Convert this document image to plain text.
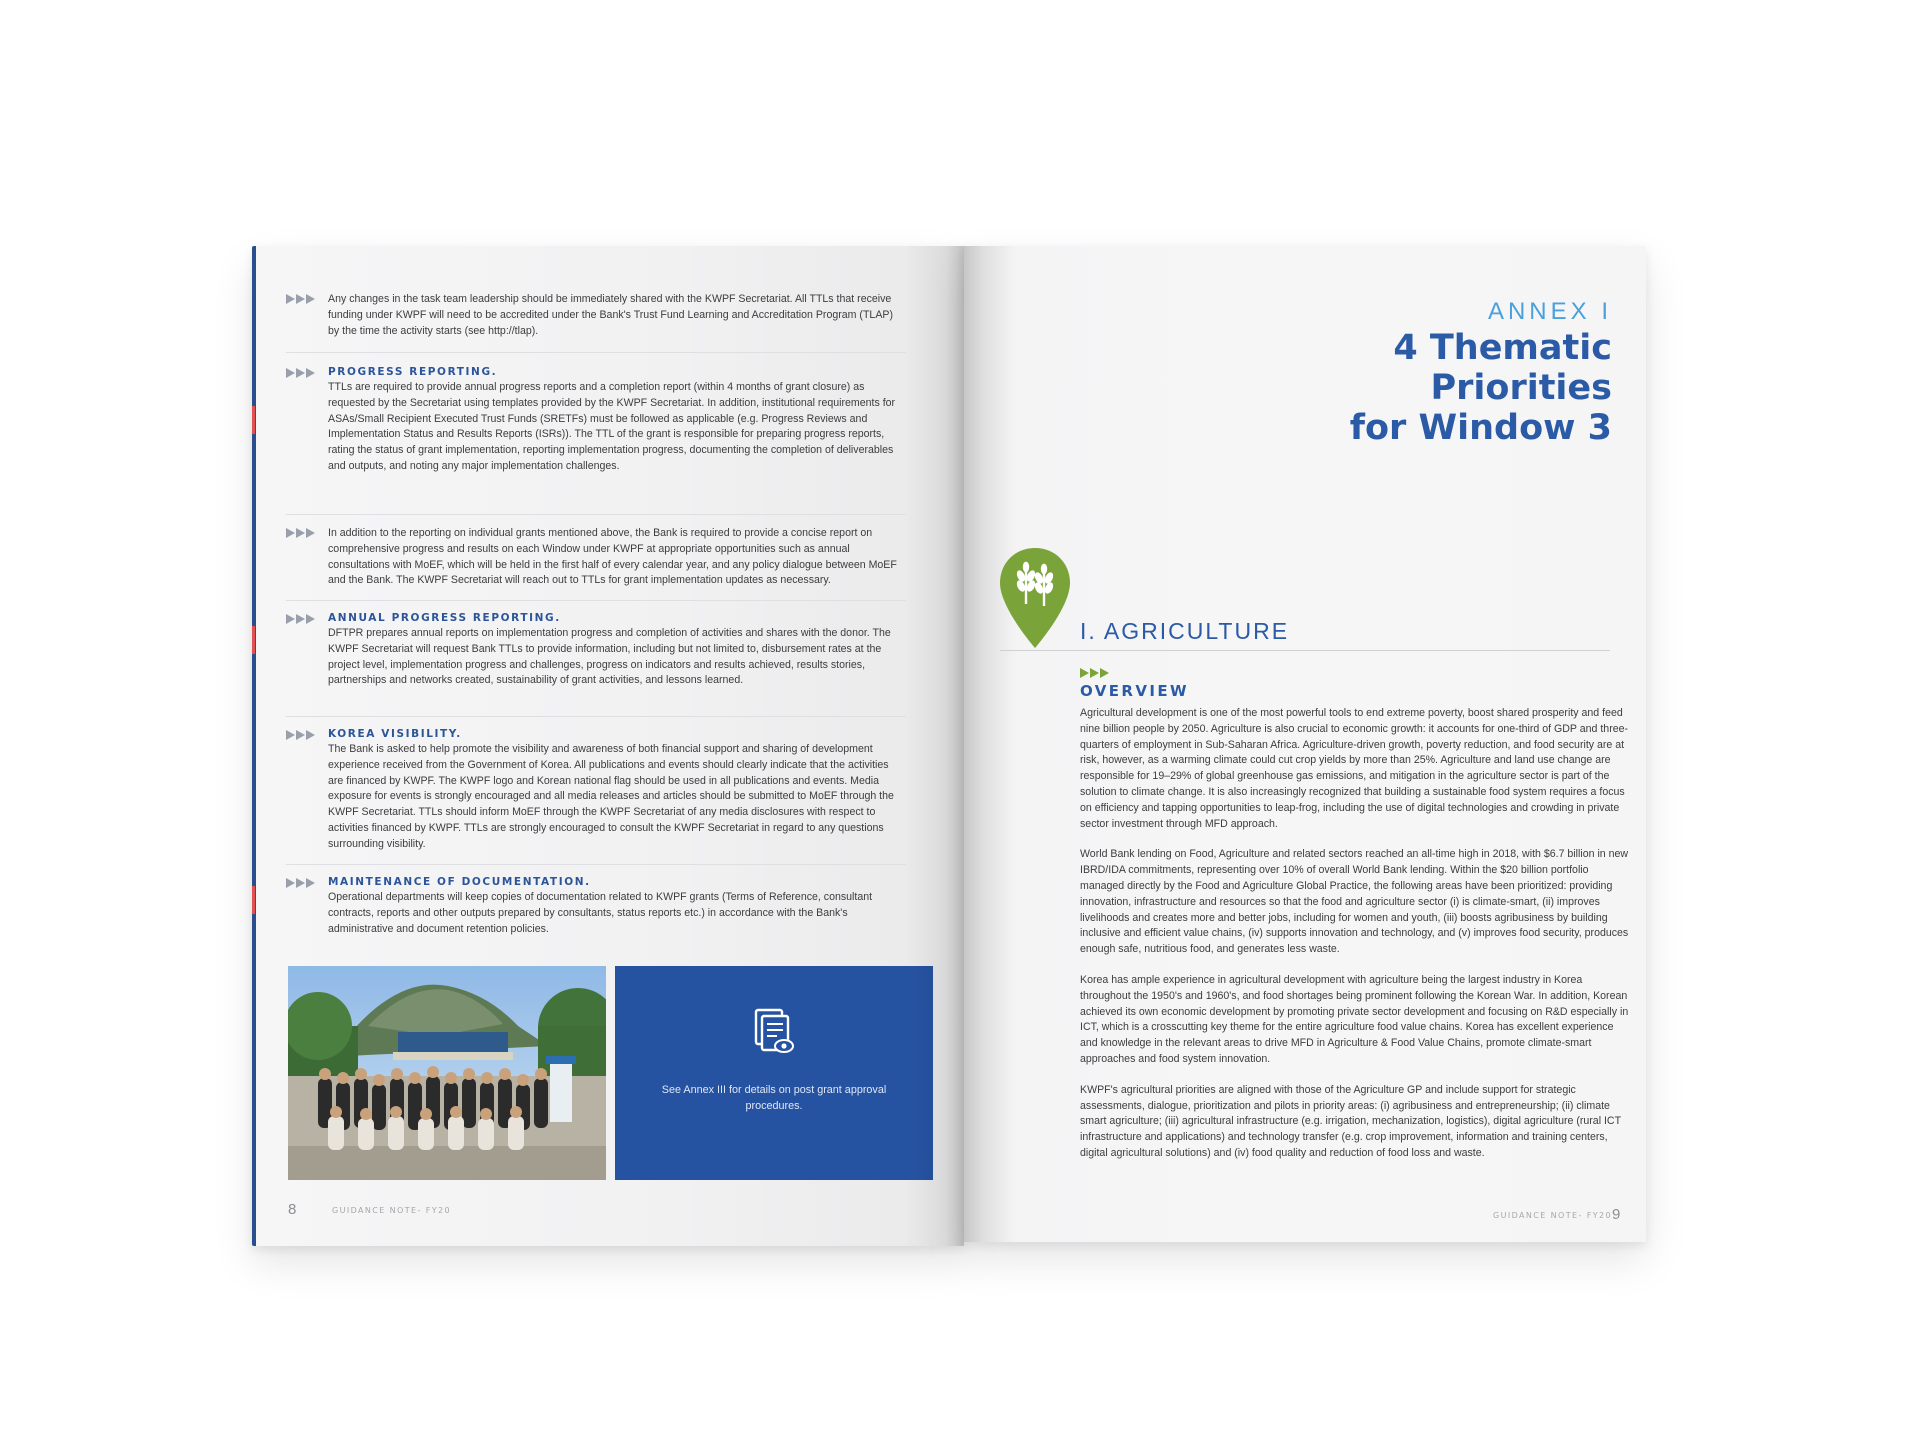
Any changes in the task team leadership should be immediately shared with the KWPF Secretariat. All TTLs that receive funding under KWPF will need to be accredited under the Bank's Trust Fund Learning and Accreditation Program (TLAP) by the time the activity starts (see http://tlap).

PROGRESS REPORTING.

TTLs are required to provide annual progress reports and a completion report (within 4 months of grant closure) as requested by the Secretariat using templates provided by the KWPF Secretariat. In addition, institutional requirements for ASAs/Small Recipient Executed Trust Funds (SRETFs) must be followed as applicable (e.g. Progress Reviews and Implementation Status and Results Reports (ISRs)). The TTL of the grant is responsible for preparing progress reports, rating the status of grant implementation, reporting implementation progress, documenting the completion of deliverables and outputs, and noting any major implementation challenges.

In addition to the reporting on individual grants mentioned above, the Bank is required to provide a concise report on comprehensive progress and results on each Window under KWPF at appropriate opportunities such as annual consultations with MoEF, which will be held in the first half of every calendar year, and any policy dialogue between MoEF and the Bank. The KWPF Secretariat will reach out to TTLs for grant implementation updates as necessary.

ANNUAL PROGRESS REPORTING.

DFTPR prepares annual reports on implementation progress and completion of activities and shares with the donor. The KWPF Secretariat will request Bank TTLs to provide information, including but not limited to, disbursement rates at the project level, implementation progress and challenges, progress on indicators and results achieved, results stories, partnerships and networks created, sustainability of grant activities, and lessons learned.

KOREA VISIBILITY.

The Bank is asked to help promote the visibility and awareness of both financial support and sharing of development experience received from the Government of Korea. All publications and events should clearly indicate that the activities are financed by KWPF. The KWPF logo and Korean national flag should be used in all publications and events. Media exposure for events is strongly encouraged and all media releases and articles should be submitted to MoEF through the KWPF Secretariat. TTLs should inform MoEF through the KWPF Secretariat of any media disclosures with respect to activities financed by KWPF. TTLs are strongly encouraged to consult the KWPF Secretariat in regard to any questions surrounding visibility.

MAINTENANCE OF DOCUMENTATION.

Operational departments will keep copies of documentation related to KWPF grants (Terms of Reference, consultant contracts, reports and other outputs prepared by consultants, status reports etc.) in accordance with the Bank's administrative and document retention policies.

See Annex III for details on post grant approval procedures.
8	GUIDANCE NOTE- FY20
ANNEX I
4 Thematic
Priorities
for Window 3
I. AGRICULTURE
OVERVIEW

Agricultural development is one of the most powerful tools to end extreme poverty, boost shared prosperity and feed nine billion people by 2050. Agriculture is also crucial to economic growth: it accounts for one-third of GDP and three-quarters of employment in Sub-Saharan Africa. Agriculture-driven growth, poverty reduction, and food security are at risk, however, as a warming climate could cut crop yields by more than 25%. Agriculture and land use change are responsible for 19–29% of global greenhouse gas emissions, and mitigation in the agriculture sector is part of the solution to climate change. It is also increasingly recognized that building a sustainable food system requires a focus on efficiency and tapping opportunities to leap-frog, including the use of digital technologies and crowding in private sector investment through MFD approach.

World Bank lending on Food, Agriculture and related sectors reached an all-time high in 2018, with $6.7 billion in new IBRD/IDA commitments, representing over 10% of overall World Bank lending. Within the $20 billion portfolio managed directly by the Food and Agriculture Global Practice, the following areas have been prioritized: providing innovation, infrastructure and resources so that the food and agriculture sector (i) is climate-smart, (ii) improves livelihoods and creates more and better jobs, including for women and youth, (iii) boosts agribusiness by building inclusive and efficient value chains, (iv) supports innovation and technology, and (v) improves food security, produces enough safe, nutritious food, and generates less waste.

Korea has ample experience in agricultural development with agriculture being the largest industry in Korea throughout the 1950's and 1960's, and food shortages being prominent following the Korean War. In addition, Korean achieved its own economic development by promoting private sector development and focusing on R&D especially in ICT, which is a crosscutting key theme for the entire agriculture food value chains. Korea has excellent experience and knowledge in the relevant areas to drive MFD in Agriculture & Food Value Chains, promote climate-smart approaches and food system innovation.

KWPF's agricultural priorities are aligned with those of the Agriculture GP and include support for strategic assessments, dialogue, prioritization and pilots in priority areas: (i) agribusiness and entrepreneurship; (ii) climate smart agriculture; (iii) agricultural infrastructure (e.g. irrigation, mechanization, logistics), digital agriculture (rural ICT infrastructure and applications) and technology transfer (e.g. crop improvement, information and training centers, digital agricultural solutions) and (iv) food quality and reduction of food loss and waste.

GUIDANCE NOTE- FY20 9
